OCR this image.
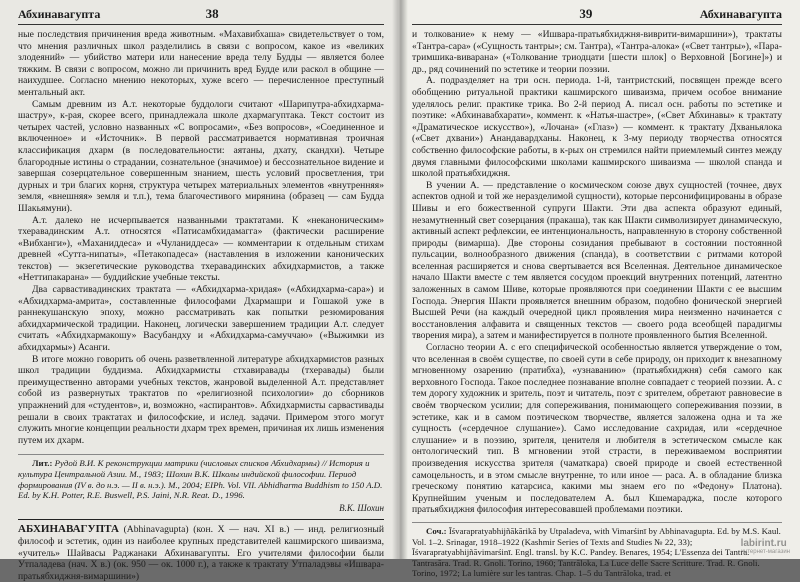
Абхинавагупта	38

ные последствия причинения вреда животным. «Махавибхаша» свидетельствует о том, что мнения различных школ разделились в связи с вопросом, какое из «великих злодеяний» — убийство матери или нанесение вреда телу Будды — является более тяжким. В связи с вопросом, можно ли причинить вред Будде или раскол в общине — наихудшее. Согласно мнению некоторых, хуже всего — перечисленное преступный ментальный акт.

Самым древним из А.т. некоторые буддологи считают «Шарипутра-абхидхарма-шастру», к-рая, скорее всего, принадлежала школе дхармагуптака. Текст состоит из четырех частей, условно названных «С вопросами», «Без вопросов», «Соединенное и включенное» и «Источник». В первой рассматривается нормативная троичная классификация дхарм (в последовательности: аятаны, дхату, скандхи). Четыре благородные истины о страдании, сознательное (значимое) и бессознательное видение и завершая созерцательное совершенным знанием, шесть условий просветления, три дурных и три благих корня, структура четырех материальных элементов «внутренняя» земля, «внешняя» земля и т.п.), тема благочестивого мирянина (образец — сам Будда Шакьямуни).

А.т. далеко не исчерпывается названными трактатами. К «неканоническим» тхеравадинским А.т. относятся «Патисамбхидамагга» (фактически расширение «Вибханги»), «Маханиддеса» и «Чуланиддеса» — комментарии к отдельным стихам древней «Сутта-нипаты», «Петакопадеса» (наставления в изложении канонических текстов) — экзегетические руководства тхеравадинских абхидхармистов, а также «Неттипакарана» — буддийские учебные тексты.

Два сарвастивадинских трактата — «Абхидхарма-хридая» («Абхидхарма-сара») и «Абхидхарма-амрита», составленные философами Дхармашри и Гошакой уже в раннекушанскую эпоху, можно рассматривать как попытки резюмирования абхидхармической традиции. Наконец, логически завершением традиции А.т. следует считать «Абхидхармакошу» Васубандху и «Абхидхарма-самуччаю» («Выжимки из абхидхармы») Асанги.

В итоге можно говорить об очень разветвленной литературе абхидхармистов разных школ традиции буддизма. Абхидхармисты стхавиравады (тхеравады) были преимущественно авторами учебных текстов, жанровой выделенной А.т. представляет собой из развернутых трактатов по «религиозной психологии» до сборников упражнений для «студентов», и, возможно, «аспирантов». Абхидхармисты сарвастивады решали в своих трактатах и философские, и ислед. задачи. Примером этого могут служить многие концепции реальности дхарм трех времен, причиная их лишь изменения путем их дхарм.

Лит.: Рудой В.И. К реконструкции матрики (числовых списков Абхидхармы) // История и культура Центральной Азии. М., 1983; Шохин В.К. Школы индийской философии. Период формирования (IV в. до н.э. — II в. н.э.). М., 2004; EIPh. Vol. VII. Abhidharma Buddhism to 150 A.D. Ed. by K.H. Potter, R.E. Buswell, P.S. Jaini, N.R. Reat. D., 1996.

В.К. Шохин

АБХИНАВАГУПТА (Abhinavagupta) (кон. X — нач. XI в.) — инд. религиозный философ и эстетик, один из наиболее крупных представителей кашмирского шиваизма, «учитель» Шайвасы Раджанаки Абхинавагупты. Его учителями философии были Утпаладева (нач. X в.) (ок. 950 — ок. 1000 г.), а также к трактату Утпаладэвы «Ишвара-пратьябхиджня-вимаршини»)

39	Абхинавагупта

и толкование» к нему — «Ишвара-пратьябхиджня-виврити-вимаршини»), трактаты «Тантра-сара» («Сущность тантры»; см. Тантра), «Тантра-алока» («Свет тантры»), «Пара-тримшика-виварана» («Толкование триодцати [шести шлок] о Верховной [Богине]») и др., ряд сочинений по эстетике и теории поэзии.

А. подразделяет на три осн. периода. 1-й, тантристский, посвящен прежде всего обобщению ритуальной практики кашмирского шиваизма, причем особое внимание уделялось религ. практике трика. Во 2-й период А. писал осн. работы по эстетике и поэтике: «Абхинавабхарати», коммент. к «Натья-шастре», («Свет Абхинавы» к трактату «Драматическое искусство»), «Лочана» («Глаз») — коммент. к трактату Дхваньялока («Свет дхвани») Анандавардханы. Наконец, к 3-му периоду творчества относятся собственно философские работы, в к-рых он стремился найти приемлемый синтез между двумя главными философскими школами кашмирского шиваизма — школой спанда и школой пратьябхиджня.

В учении А. — представление о космическом союзе двух сущностей (точнее, двух аспектов одной и той же неразделимой сущности), которые персонифицированы в образе Шивы и его божественной супруги Шакти. Эти два аспекта образуют единый, незамутненный свет созерцания (пракаша), так как Шакти символизирует динамическую, активный аспект рефлексии, ее интенциональность, направленную в сторону собственной природы (вимарша). Две стороны созидания пребывают в состоянии постоянной пульсации, волнообразного движения (спанда), в соответствии с ритмами которой вселенная расширяется и снова свертывается вся Вселенная. Деятельное динамическое начало Шакти вместе с тем является сосудом проекций внутренних потенций, латентно заложенных в самом Шиве, которые проявляются при соединении Шакти с ее высшим Господа. Энергия Шакти проявляется внешним образом, подобно фонической энергией Высшей Речи (на каждый очередной цикл проявления мира неизменно начинается с восстановления алфавита и священных текстов — своего рода всеобщей парадигмы творения мира), а затем и манифестируется в полноте проявленного бытия Вселенной.

Согласно теории А. с его специфической особенностью является утверждение о том, что вселенная в своём существе, по своей сути в себе природу, он приходит к внезапному мгновенному озарению (пратибха), «узнаванию» (пратьябхиджня) себя самого как верховного Господа. Такое последнее познавание вполне совпадает с теорией поэзии. А. с тем дорогу художник и зритель, поэт и читатель, поэт с зрителем, обретают равновесие в своём творческом усилии; для сопереживания, понимающего сопереживания поэзии, в эстетике, как и в самом поэтическом творчестве, является заложена одна и та же сущность («сердечное слушание»). Само исследование сахридая, или «сердечное слушание» и в поэзию, зрителя, ценителя и любителя в эстетическом смысле как онтологический тип. В мгновении этой страсти, в переживаемом восприятии произведения искусства зрителя (чаматкара) своей природе и своей естественной самоцельность, и в этом смысле внутренне, то или иное — раса. А. в обладание близка греческому понятию катарсиса, какими мы знаем его по «Федону» Платона). Крупнейшим ученым и последователем А. был Кшемараджа, после которого пратьябхиджня философия интересовавшей проблемами поэтики.

Соч.: Īśvarapratyabhijñākārikā by Utpaladeva, with Vimarśinī by Abhinavagupta. Ed. by M.S. Kaul. Vol. 1–2. Srinagar, 1918–1922 (Kashmir Series of Texts and Studies № 22, 33); Īśvarapratyabhijñāvimarśinī. Engl. transl. by K.C. Pandey. Benares, 1954; L'Essenza dei Tantra. Tantrasāra. Trad. R. Gnoli. Torino, 1960; Tantrāloka, La Luce delle Sacre Scritture. Trad. R. Gnoli. Torino, 1972; La lumière sur les tantras. Chap. 1–5 du Tantrāloka, trad. et

labirint.ru
интернет-магазин
